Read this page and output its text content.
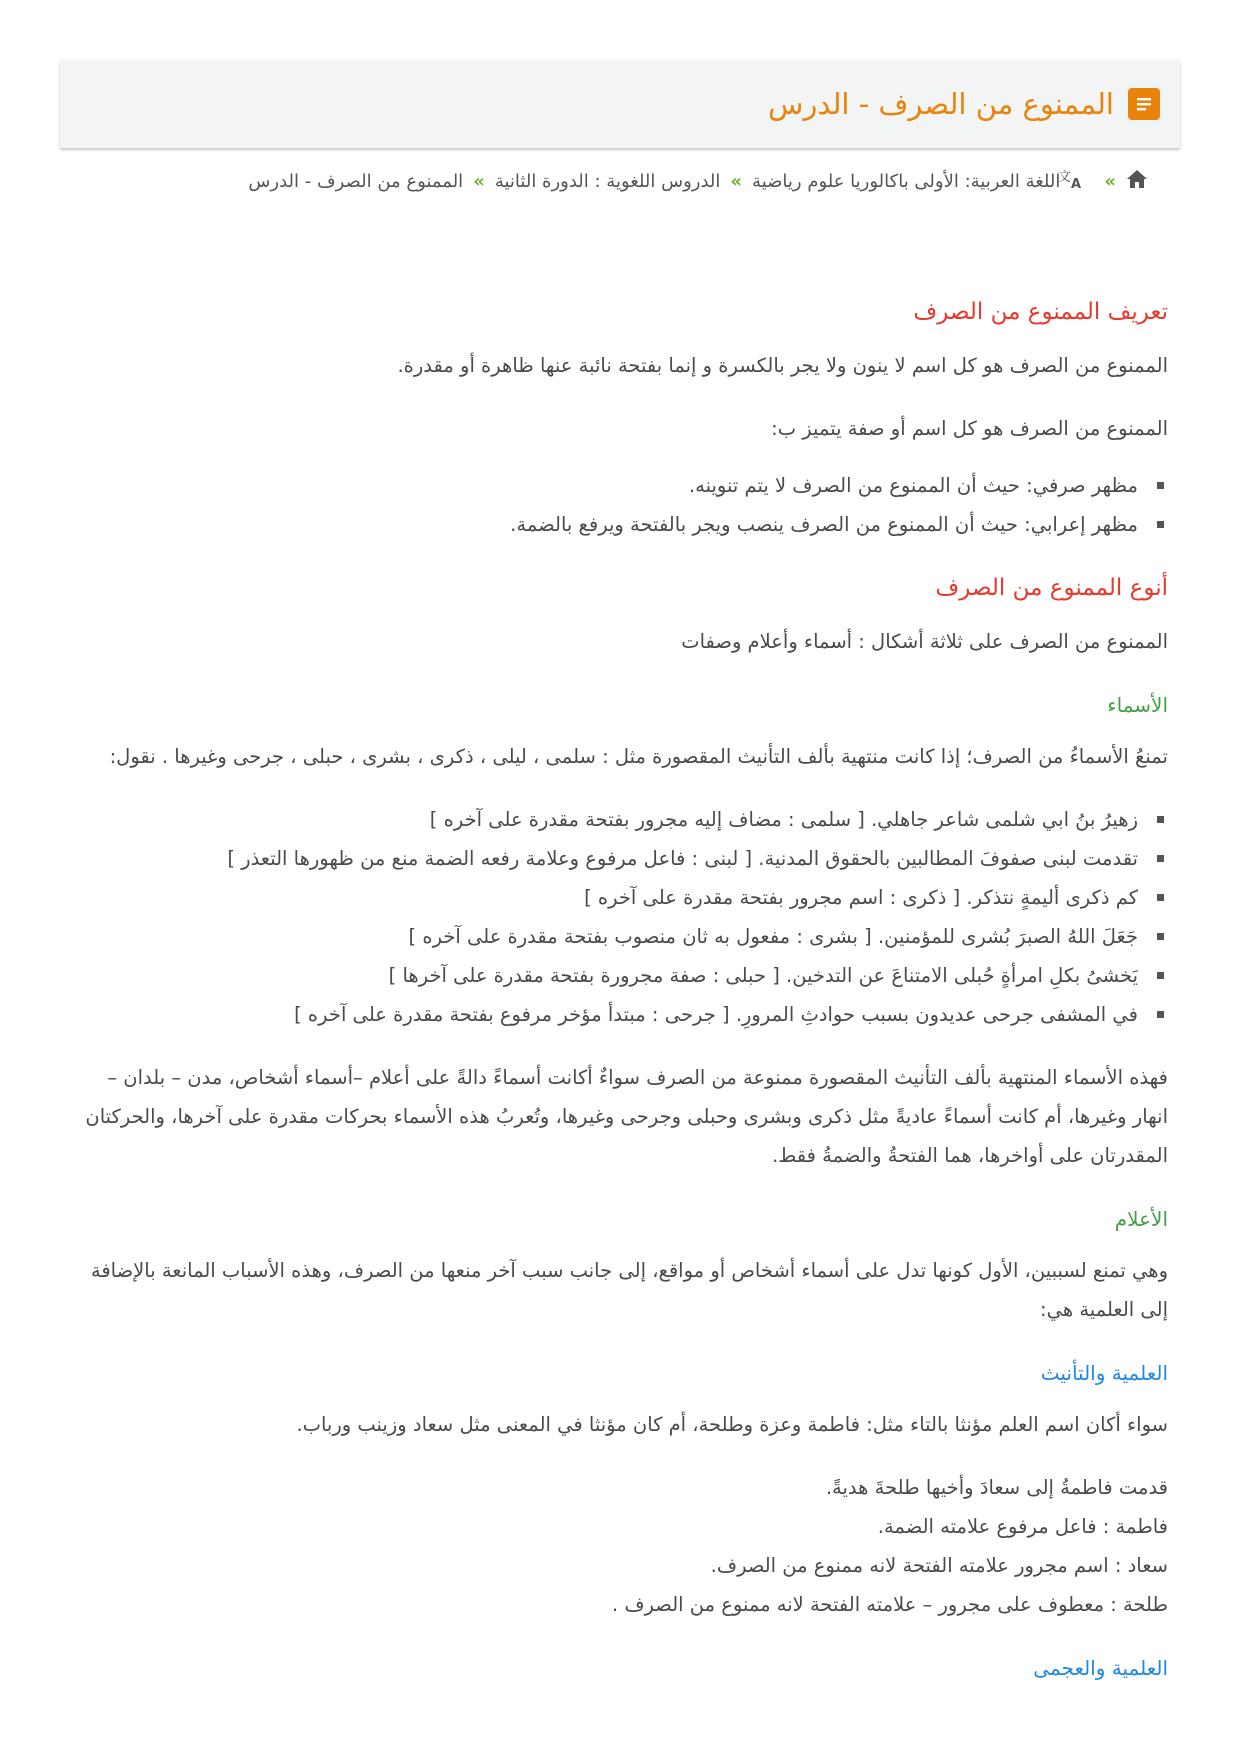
الممنوع من الصرف - الدرس
»
文 A
اللغة العربية: الأولى باكالوريا علوم رياضية
»
الدروس اللغوية : الدورة الثانية
»
الممنوع من الصرف - الدرس
تعريف الممنوع من الصرف

الممنوع من الصرف هو كل اسم لا ينون ولا يجر بالكسرة و إنما بفتحة نائبة عنها ظاهرة أو مقدرة.

الممنوع من الصرف هو كل اسم أو صفة يتميز ب:

مظهر صرفي: حيث أن الممنوع من الصرف لا يتم تنوينه.
مظهر إعرابي: حيث أن الممنوع من الصرف ينصب ويجر بالفتحة ويرفع بالضمة.
أنوع الممنوع من الصرف

الممنوع من الصرف على ثلاثة أشكال : أسماء وأعلام وصفات

الأسماء

تمنعُ الأسماءُ من الصرف؛ إذا كانت منتهية بألف التأنيث المقصورة مثل : سلمى ، ليلى ، ذكرى ، بشرى ، حبلى ، جرحى وغيرها . نقول:

زهيرُ بنُ ابي شلمى شاعر جاهلي. [ سلمى : مضاف إليه مجرور بفتحة مقدرة على آخره ]
تقدمت لبنى صفوفَ المطالبين بالحقوق المدنية. [ لبنى : فاعل مرفوع وعلامة رفعه الضمة منع من ظهورها التعذر ]
كم ذكرى أليمةٍ نتذكر. [ ذكرى : اسم مجرور بفتحة مقدرة على آخره ]
جَعَلَ اللهُ الصبرَ بُشرى للمؤمنين. [ بشرى : مفعول به ثان منصوب بفتحة مقدرة على آخره ]
يَخشىُ بكلِ امرأةٍ حُبلى الامتناعَ عن التدخين. [ حبلى : صفة مجرورة بفتحة مقدرة على آخرها ]
في المشفى جرحى عديدون بسبب حوادثِ المرورِ. [ جرحى : مبتدأ مؤخر مرفوع بفتحة مقدرة على آخره ]

فهذه الأسماء المنتهية بألف التأنيث المقصورة ممنوعة من الصرف سواءٌ أكانت أسماءً دالةً على أعلام –أسماء أشخاص، مدن – بلدان – انهار وغيرها، أم كانت أسماءً عاديةً مثل ذكرى وبشرى وحبلى وجرحى وغيرها، وتُعربُ هذه الأسماء بحركات مقدرة على آخرها، والحركتان المقدرتان على أواخرها، هما الفتحةُ والضمةُ فقط.

الأعلام

وهي تمنع لسببين، الأول كونها تدل على أسماء أشخاص أو مواقع، إلى جانب سبب آخر منعها من الصرف، وهذه الأسباب المانعة بالإضافة إلى العلمية هي:

العلمية والتأنيث

سواء أكان اسم العلم مؤنثا بالتاء مثل: فاطمة وعزة وطلحة، أم كان مؤنثا في المعنى مثل سعاد وزينب ورباب.

قدمت فاطمةُ إلى سعادَ وأخيها طلحةَ هديةً.

فاطمة : فاعل مرفوع علامته الضمة.

سعاد : اسم مجرور علامته الفتحة لانه ممنوع من الصرف.

طلحة : معطوف على مجرور – علامته الفتحة لانه ممنوع من الصرف .

العلمية والعجمى
